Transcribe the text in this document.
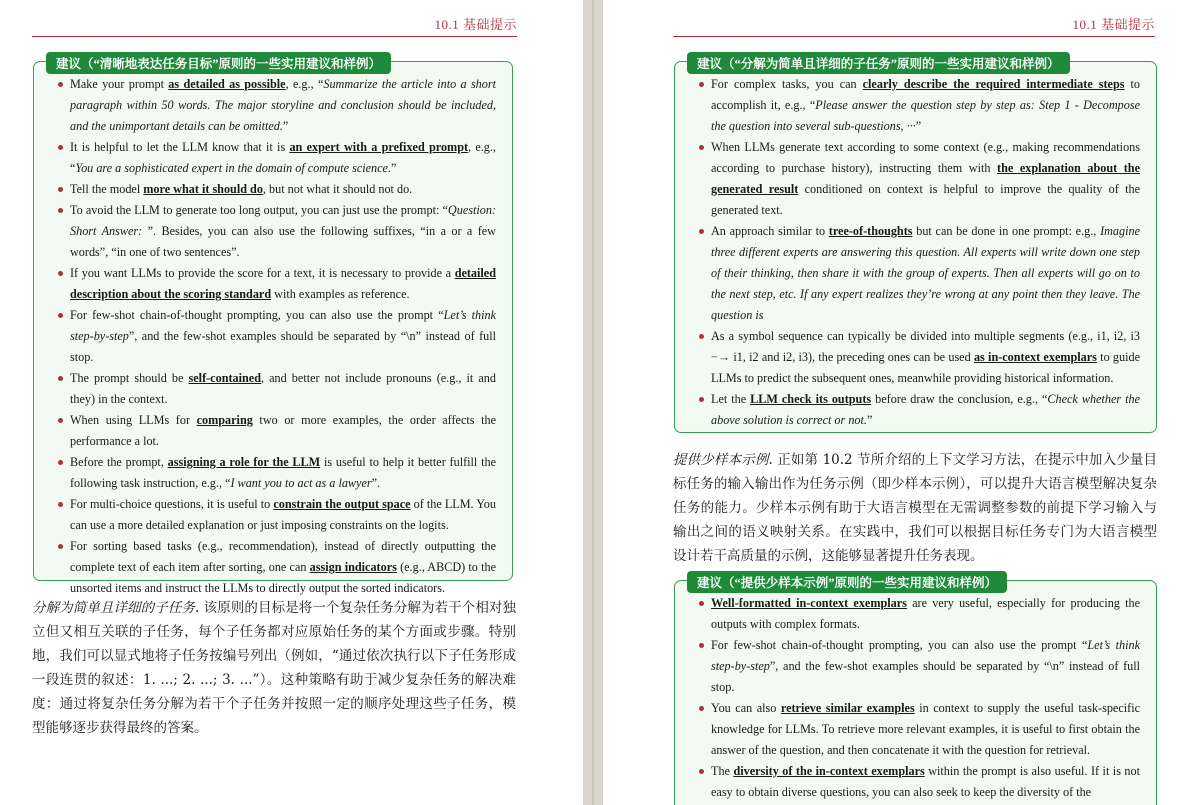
10.1 基础提示
建议（“清晰地表达任务目标”原则的一些实用建议和样例）
Make your prompt as detailed as possible, e.g., “Summarize the article into a short paragraph within 50 words. The major storyline and conclusion should be included, and the unimportant details can be omitted.”
It is helpful to let the LLM know that it is an expert with a prefixed prompt, e.g., “You are a sophisticated expert in the domain of compute science.”
Tell the model more what it should do, but not what it should not do.
To avoid the LLM to generate too long output, you can just use the prompt: “Question: Short Answer: ”. Besides, you can also use the following suffixes, “in a or a few words”, “in one of two sentences”.
If you want LLMs to provide the score for a text, it is necessary to provide a detailed description about the scoring standard with examples as reference.
For few-shot chain-of-thought prompting, you can also use the prompt “Let’s think step-by-step”, and the few-shot examples should be separated by “\n” instead of full stop.
The prompt should be self-contained, and better not include pronouns (e.g., it and they) in the context.
When using LLMs for comparing two or more examples, the order affects the performance a lot.
Before the prompt, assigning a role for the LLM is useful to help it better fulfill the following task instruction, e.g., “I want you to act as a lawyer”.
For multi-choice questions, it is useful to constrain the output space of the LLM. You can use a more detailed explanation or just imposing constraints on the logits.
For sorting based tasks (e.g., recommendation), instead of directly outputting the complete text of each item after sorting, one can assign indicators (e.g., ABCD) to the unsorted items and instruct the LLMs to directly output the sorted indicators.
分解为简单且详细的子任务. 该原则的目标是将一个复杂任务分解为若干个相对独立但又相互关联的子任务，每个子任务都对应原始任务的某个方面或步骤。特别地，我们可以显式地将子任务按编号列出（例如，“通过依次执行以下子任务形成一段连贯的叙述：1. ...; 2. ...; 3. ...”）。这种策略有助于减少复杂任务的解决难度：通过将复杂任务分解为若干个子任务并按照一定的顺序处理这些子任务，模型能够逐步获得最终的答案。
10.1 基础提示
建议（“分解为简单且详细的子任务”原则的一些实用建议和样例）
For complex tasks, you can clearly describe the required intermediate steps to accomplish it, e.g., “Please answer the question step by step as: Step 1 - Decompose the question into several sub-questions, ···”
When LLMs generate text according to some context (e.g., making recommendations according to purchase history), instructing them with the explanation about the generated result conditioned on context is helpful to improve the quality of the generated text.
An approach similar to tree-of-thoughts but can be done in one prompt: e.g., Imagine three different experts are answering this question. All experts will write down one step of their thinking, then share it with the group of experts. Then all experts will go on to the next step, etc. If any expert realizes they’re wrong at any point then they leave. The question is
As a symbol sequence can typically be divided into multiple segments (e.g., i1, i2, i3 −→ i1, i2 and i2, i3), the preceding ones can be used as in-context exemplars to guide LLMs to predict the subsequent ones, meanwhile providing historical information.
Let the LLM check its outputs before draw the conclusion, e.g., “Check whether the above solution is correct or not.”
提供少样本示例. 正如第 10.2 节所介绍的上下文学习方法，在提示中加入少量目标任务的输入输出作为任务示例（即少样本示例），可以提升大语言模型解决复杂任务的能力。少样本示例有助于大语言模型在无需调整参数的前提下学习输入与输出之间的语义映射关系。在实践中，我们可以根据目标任务专门为大语言模型设计若干高质量的示例，这能够显著提升任务表现。
建议（“提供少样本示例”原则的一些实用建议和样例）
Well-formatted in-context exemplars are very useful, especially for producing the outputs with complex formats.
For few-shot chain-of-thought prompting, you can also use the prompt “Let’s think step-by-step”, and the few-shot examples should be separated by “\n” instead of full stop.
You can also retrieve similar examples in context to supply the useful task-specific knowledge for LLMs. To retrieve more relevant examples, it is useful to first obtain the answer of the question, and then concatenate it with the question for retrieval.
The diversity of the in-context exemplars within the prompt is also useful. If it is not easy to obtain diverse questions, you can also seek to keep the diversity of the
